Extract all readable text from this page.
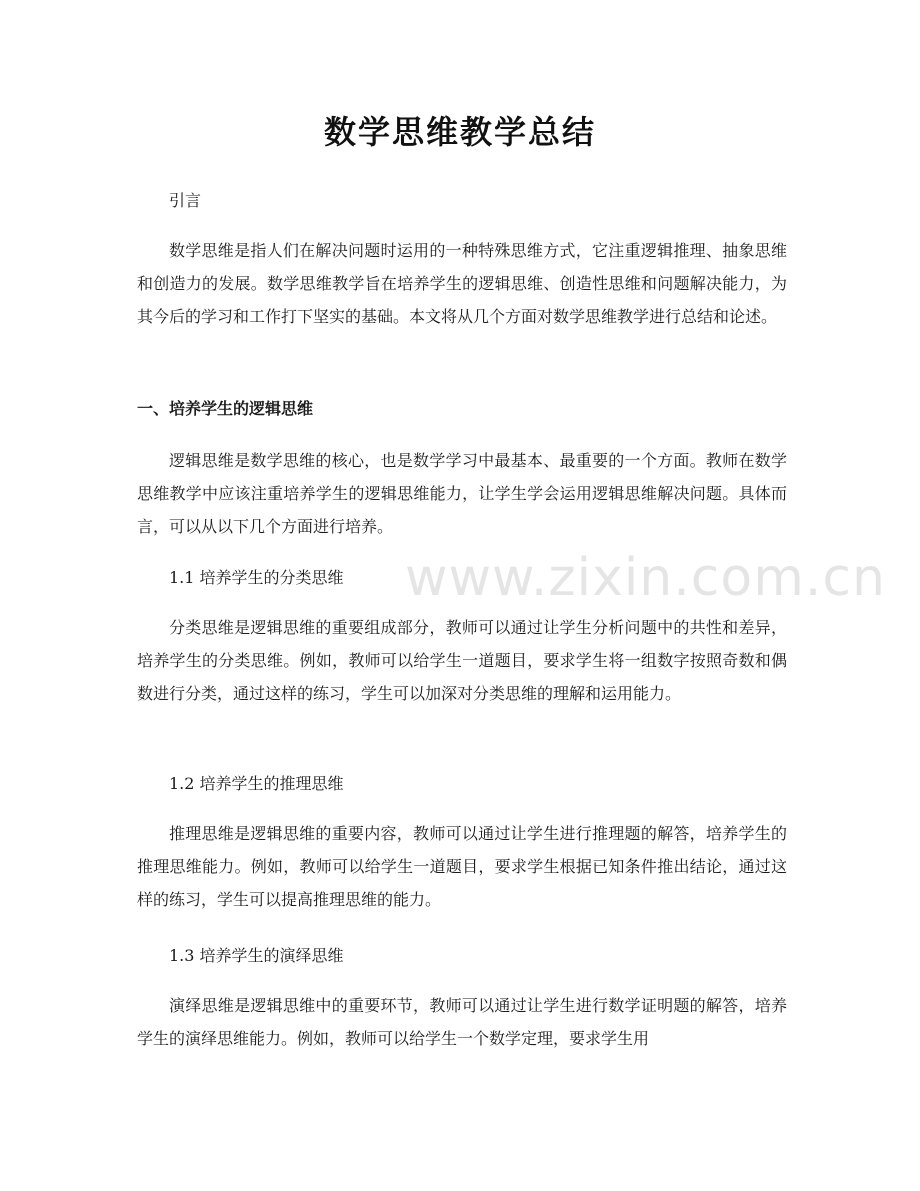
数学思维教学总结

引言

数学思维是指人们在解决问题时运用的一种特殊思维方式，它注重逻辑推理、抽象思维和创造力的发展。数学思维教学旨在培养学生的逻辑思维、创造性思维和问题解决能力，为其今后的学习和工作打下坚实的基础。本文将从几个方面对数学思维教学进行总结和论述。

一、培养学生的逻辑思维

逻辑思维是数学思维的核心，也是数学学习中最基本、最重要的一个方面。教师在数学思维教学中应该注重培养学生的逻辑思维能力，让学生学会运用逻辑思维解决问题。具体而言，可以从以下几个方面进行培养。

1.1 培养学生的分类思维

分类思维是逻辑思维的重要组成部分，教师可以通过让学生分析问题中的共性和差异，培养学生的分类思维。例如，教师可以给学生一道题目，要求学生将一组数字按照奇数和偶数进行分类，通过这样的练习，学生可以加深对分类思维的理解和运用能力。

1.2 培养学生的推理思维

推理思维是逻辑思维的重要内容，教师可以通过让学生进行推理题的解答，培养学生的推理思维能力。例如，教师可以给学生一道题目，要求学生根据已知条件推出结论，通过这样的练习，学生可以提高推理思维的能力。

1.3 培养学生的演绎思维

演绎思维是逻辑思维中的重要环节，教师可以通过让学生进行数学证明题的解答，培养学生的演绎思维能力。例如，教师可以给学生一个数学定理，要求学生用

www.zixin.com.cn
